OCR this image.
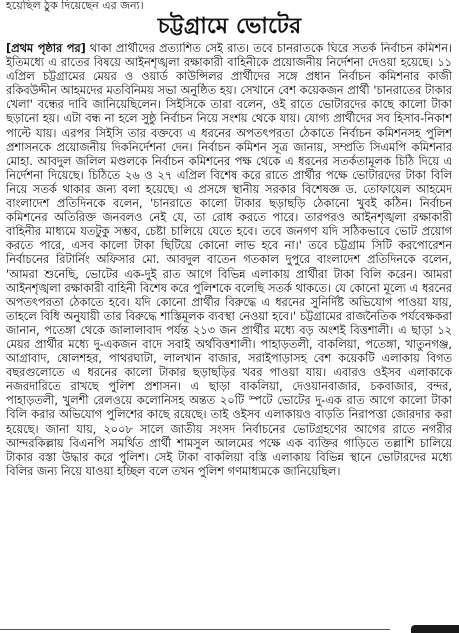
হয়েছিল ঠুক দিয়েছেন এর জন্য।
চট্টগ্রামে ভোটের
[প্রথম পৃষ্ঠার পর] থাকা প্রার্থীদের প্রত্যাশিত সেই রাত। তবে চানরাতকে ঘিরে সতর্ক নির্বাচন কমিশন। ইতিমধ্যে এ রাতের বিষয়ে আইনশৃঙ্খলা রক্ষাকারী বাহিনীকে প্রয়োজনীয় নির্দেশনা দেওয়া হয়েছে। ১১ এপ্রিল চট্টগ্রামের মেয়র ও ওয়ার্ড কাউন্সিলর প্রার্থীদের সঙ্গে প্রধান নির্বাচন কমিশনার কাজী রকিবউদ্দীন আহমদের মতবিনিময় সভা অনুষ্ঠিত হয়। সেখানে বেশ কয়েকজন প্রার্থী 'চানরাতের টাকার খেলা' বন্ধের দাবি জানিয়েছিলেন। সিইসিকে তারা বলেন, ওই রাতে ভোটারদের কাছে কালো টাকা ছড়ানো হয়। এটা বন্ধ না হলে সুষ্ঠু নির্বাচন নিয়ে সংশয় থেকে যায়। যোগ্য প্রার্থীদের সব হিসাব-নিকাশ পাল্টে যায়। এরপর সিইসি তার বক্তব্যে এ ধরনের অপতৎপরতা ঠেকাতে নির্বাচন কমিশনসহ পুলিশ প্রশাসনকে প্রয়োজনীয় দিকনির্দেশনা দেন। নির্বাচন কমিশন সূত্র জানায়, সম্প্রতি সিএমপি কমিশনার মোহা. আবদুল জলিল মণ্ডলকে নির্বাচন কমিশনের পক্ষ থেকে এ ধরনের সতর্কতামূলক চিঠি দিয়ে এ নির্দেশনা দিয়েছে। চিঠিতে ২৬ ও ২৭ এপ্রিল বিশেষ করে রাতে প্রার্থীর পক্ষে ভোটারদের টাকা বিলি নিয়ে সতর্ক থাকার জন্য বলা হয়েছে। এ প্রসঙ্গে স্থানীয় সরকার বিশেষজ্ঞ ড. তোফায়েল আহমেদ বাংলাদেশ প্রতিদিনকে বলেন, 'চানরাতে কালো টাকার ছড়াছড়ি ঠেকানো খুবই কঠিন। নির্বাচন কমিশনের অতিরিক্ত জনবলও নেই যে, তা রোধ করতে পারে। তারপরও আইনশৃঙ্খলা রক্ষাকারী বাহিনীর মাধ্যমে যতটুকু সম্ভব, চেষ্টা চালিয়ে যেতে হবে। তবে জনগণ যদি সঠিকভাবে ভোট প্রয়োগ করতে পারে, এসব কালো টাকা ছিটিয়ে কোনো লাভ হবে না।' তবে চট্টগ্রাম সিটি করপোরেশন নির্বাচনের রিটার্নিং অফিসার মো. আবদুল বাতেন গতকাল দুপুরে বাংলাদেশ প্রতিদিনকে বলেন, 'আমরা শুনেছি, ভোটের এক-দুই রাত আগে বিভিন্ন এলাকায় প্রার্থীরা টাকা বিলি করেন। আমরা আইনশৃঙ্খলা রক্ষাকারী বাহিনী বিশেষ করে পুলিশকে বলেছি সতর্ক থাকতে। যে কোনো মূল্যে এ ধরনের অপতৎপরতা ঠেকাতে হবে। যদি কোনো প্রার্থীর বিরুদ্ধে এ ধরনের সুনির্দিষ্ট অভিযোগ পাওয়া যায়, তাহলে বিধি অনুযায়ী তার বিরুদ্ধে শাস্তিমূলক ব্যবস্থা নেওয়া হবে।' চট্টগ্রামের রাজনৈতিক পর্যবেক্ষকরা জানান, পতেঙ্গা থেকে জালালাবাদ পর্যন্ত ২১৩ জন প্রার্থীর মধ্যে বড় অংশই বিত্তশালী। এ ছাড়া ১২ মেয়র প্রার্থীর মধ্যে দু-একজন বাদে সবাই অর্থবিত্তশালী। পাহাড়তলী, বাকলিয়া, পতেঙ্গা, খাতুনগঞ্জ, আগ্রাবাদ, ষোলশহর, পাথরঘাটা, লালখান বাজার, সরাইপাড়াসহ বেশ কয়েকটি এলাকায় বিগত বছরগুলোতে এ ধরনের কালো টাকার ছড়াছড়ির খবর পাওয়া যায়। এবারও ওইসব এলাকাকে নজরদারিতে রাখছে পুলিশ প্রশাসন। এ ছাড়া বাকলিয়া, দেওয়ানবাজার, চকবাজার, বন্দর, পাহাড়তলী, খুলশী রেলওয়ে কলোনিসহ অন্তত ২০টি স্পটে ভোটের দু-এক রাত আগে কালো টাকা বিলি করার অভিযোগ পুলিশের কাছে রয়েছে। তাই ওইসব এলাকায়ও বাড়তি নিরাপত্তা জোরদার করা হয়েছে। জানা যায়, ২০০৮ সালে জাতীয় সংসদ নির্বাচনের ভোটগ্রহণের আগের রাতে নগরীর আন্দরকিল্লায় বিএনপি সমর্থিত প্রার্থী শামসুল আলমের পক্ষে এক ব্যক্তির গাড়িতে তল্লাশি চালিয়ে টাকার বস্তা উদ্ধার করে পুলিশ। সেই টাকা বাকলিয়া বস্তি এলাকায় বিভিন্ন স্থানে ভোটারদের মধ্যে বিলির জন্য নিয়ে যাওয়া হচ্ছিল বলে তখন পুলিশ গণমাধ্যমকে জানিয়েছিল।
